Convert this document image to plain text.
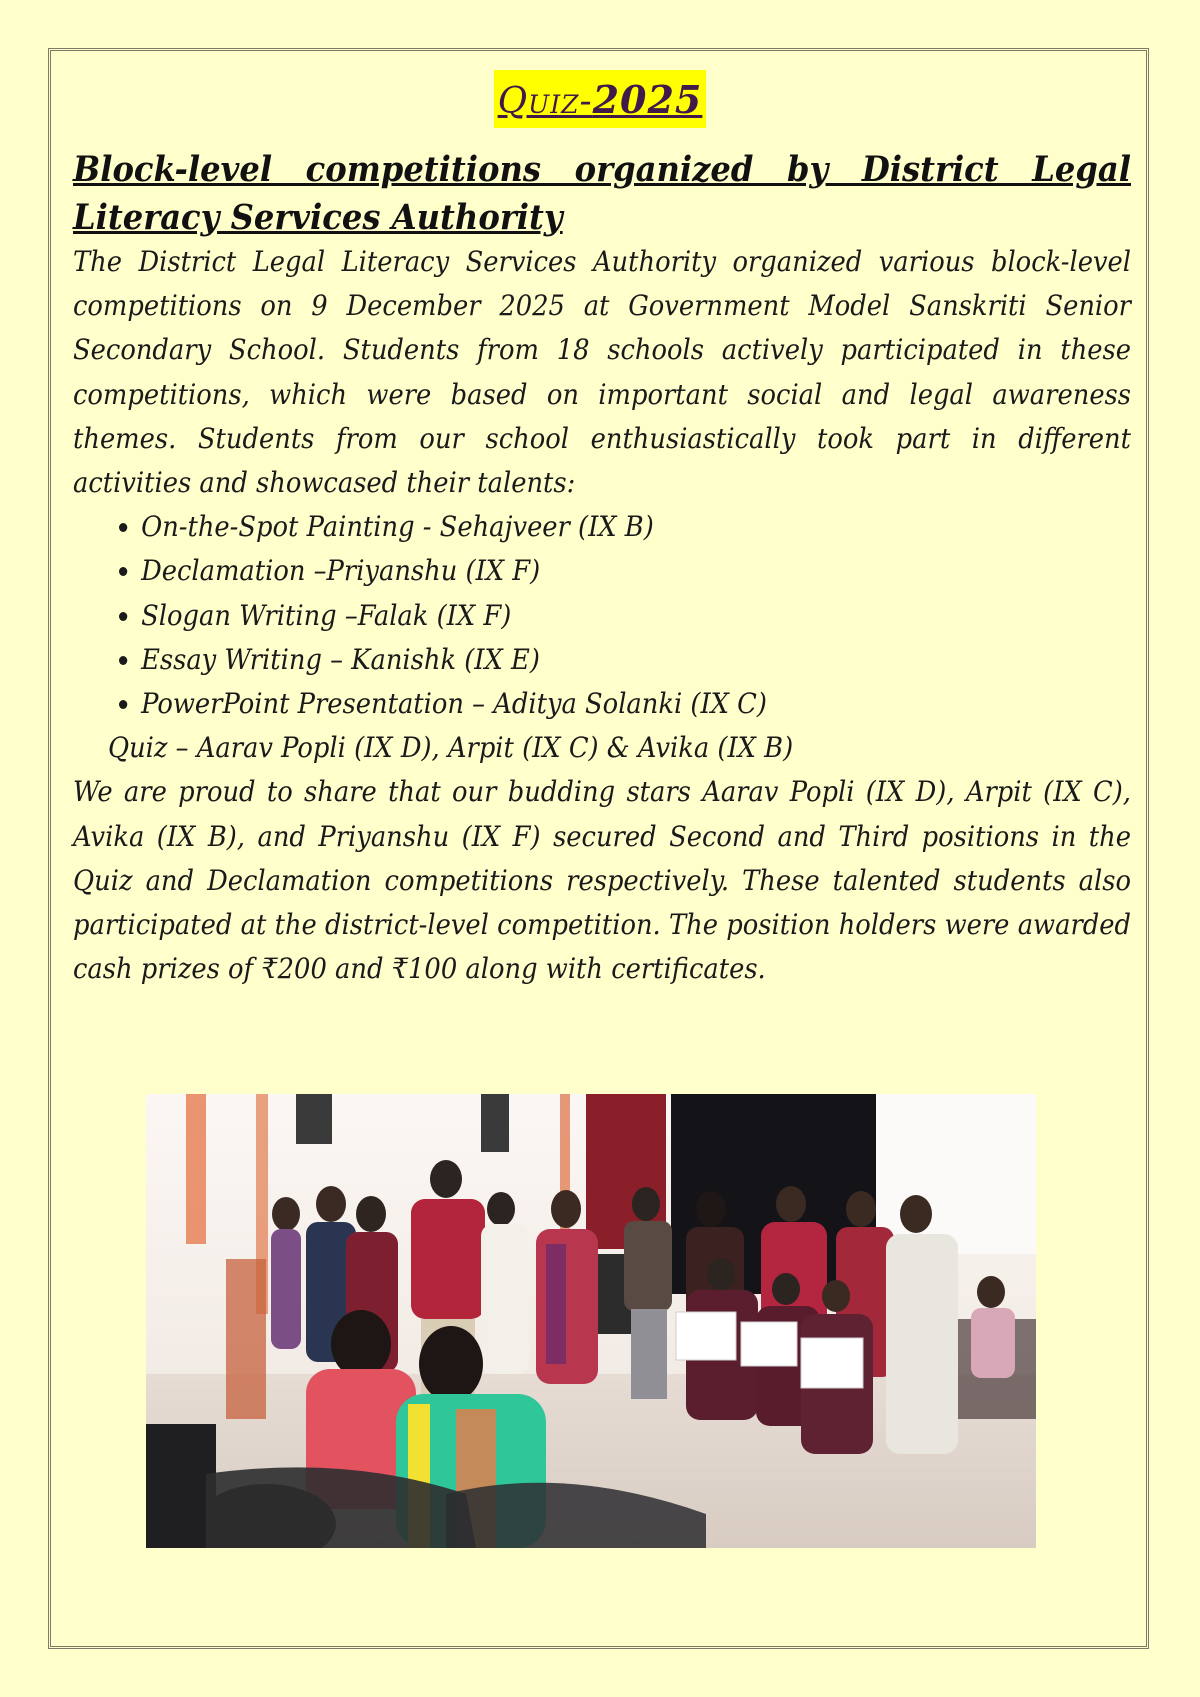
Quiz-2025
Block-level competitions organized by District Legal Literacy Services Authority

The District Legal Literacy Services Authority organized various block-level competitions on 9 December 2025 at Government Model Sanskriti Senior Secondary School. Students from 18 schools actively participated in these competitions, which were based on important social and legal awareness themes. Students from our school enthusiastically took part in different activities and showcased their talents:

• On-the-Spot Painting - Sehajveer (IX B)
• Declamation –Priyanshu (IX F)
• Slogan Writing –Falak (IX F)
• Essay Writing – Kanishk (IX E)
• PowerPoint Presentation – Aditya Solanki (IX C)
Quiz – Aarav Popli (IX D), Arpit (IX C) & Avika (IX B)

We are proud to share that our budding stars Aarav Popli (IX D), Arpit (IX C), Avika (IX B), and Priyanshu (IX F) secured Second and Third positions in the Quiz and Declamation competitions respectively. These talented students also participated at the district-level competition. The position holders were awarded cash prizes of ₹200 and ₹100 along with certificates.
